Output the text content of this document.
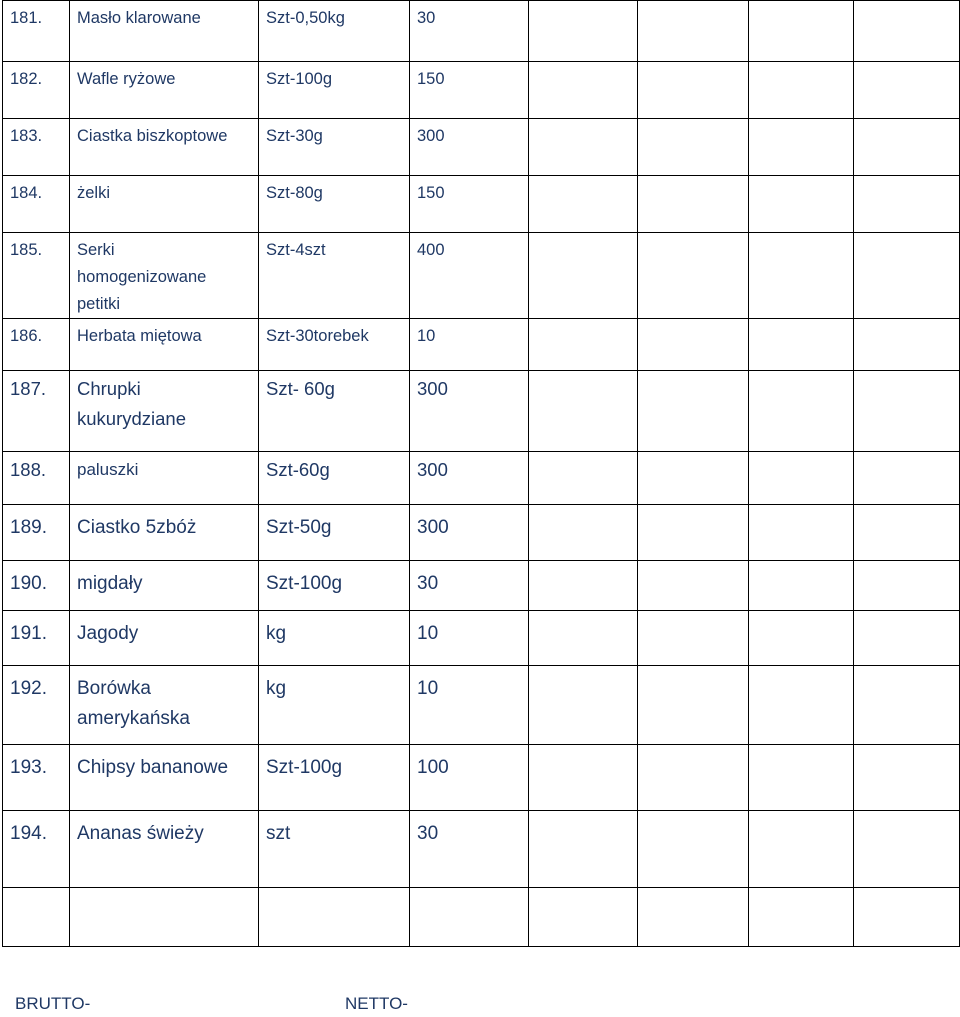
181.	Masło klarowane	Szt-0,50kg	30				

182.	Wafle ryżowe	Szt-100g	150				

183.	Ciastka biszkoptowe	Szt-30g	300				

184.	żelki	Szt-80g	150				

185.	Serki homogenizowane petitki	Szt-4szt	400				

186.	Herbata miętowa	Szt-30torebek	10				

187.	Chrupki kukurydziane	Szt- 60g	300				

188.	paluszki	Szt-60g	300				

189.	Ciastko 5zbóż	Szt-50g	300				

190.	migdały	Szt-100g	30				

191.	Jagody	kg	10				

192.	Borówka amerykańska	kg	10				

193.	Chipsy bananowe	Szt-100g	100				

194.	Ananas świeży	szt	30				

BRUTTO-	NETTO-
